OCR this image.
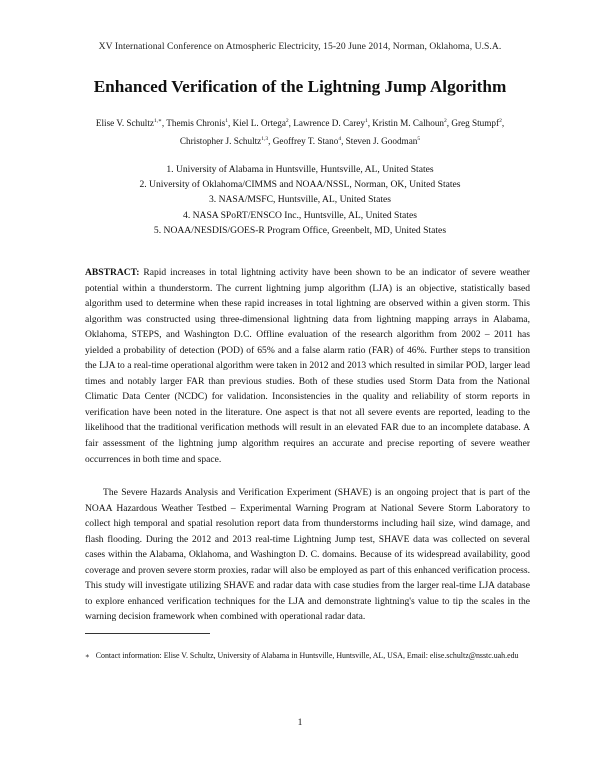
XV International Conference on Atmospheric Electricity, 15-20 June 2014, Norman, Oklahoma, U.S.A.
Enhanced Verification of the Lightning Jump Algorithm
Elise V. Schultz$^{1,∗}$, Themis Chronis$^1$, Kiel L. Ortega$^2$, Lawrence D. Carey$^1$, Kristin M. Calhoun$^2$, Greg Stumpf$^2$,
Christopher J. Schultz$^{1,3}$, Geoffrey T. Stano$^4$, Steven J. Goodman$^5$
1. University of Alabama in Huntsville, Huntsville, AL, United States
2. University of Oklahoma/CIMMS and NOAA/NSSL, Norman, OK, United States
3. NASA/MSFC, Huntsville, AL, United States
4. NASA SPoRT/ENSCO Inc., Huntsville, AL, United States
5. NOAA/NESDIS/GOES-R Program Office, Greenbelt, MD, United States

ABSTRACT: Rapid increases in total lightning activity have been shown to be an indicator of severe weather potential within a thunderstorm. The current lightning jump algorithm (LJA) is an objective, statistically based algorithm used to determine when these rapid increases in total lightning are observed within a given storm. This algorithm was constructed using three-dimensional lightning data from lightning mapping arrays in Alabama, Oklahoma, STEPS, and Washington D.C. Offline evaluation of the research algorithm from 2002 – 2011 has yielded a probability of detection (POD) of 65% and a false alarm ratio (FAR) of 46%. Further steps to transition the LJA to a real-time operational algorithm were taken in 2012 and 2013 which resulted in similar POD, larger lead times and notably larger FAR than previous studies. Both of these studies used Storm Data from the National Climatic Data Center (NCDC) for validation. Inconsistencies in the quality and reliability of storm reports in verification have been noted in the literature. One aspect is that not all severe events are reported, leading to the likelihood that the traditional verification methods will result in an elevated FAR due to an incomplete database. A fair assessment of the lightning jump algorithm requires an accurate and precise reporting of severe weather occurrences in both time and space.

The Severe Hazards Analysis and Verification Experiment (SHAVE) is an ongoing project that is part of the NOAA Hazardous Weather Testbed – Experimental Warning Program at National Severe Storm Laboratory to collect high temporal and spatial resolution report data from thunderstorms including hail size, wind damage, and flash flooding. During the 2012 and 2013 real-time Lightning Jump test, SHAVE data was collected on several cases within the Alabama, Oklahoma, and Washington D. C. domains. Because of its widespread availability, good coverage and proven severe storm proxies, radar will also be employed as part of this enhanced verification process. This study will investigate utilizing SHAVE and radar data with case studies from the larger real-time LJA database to explore enhanced verification techniques for the LJA and demonstrate lightning's value to tip the scales in the warning decision framework when combined with operational radar data.

∗ Contact information: Elise V. Schultz, University of Alabama in Huntsville, Huntsville, AL, USA, Email: elise.schultz@nsstc.uah.edu

1
